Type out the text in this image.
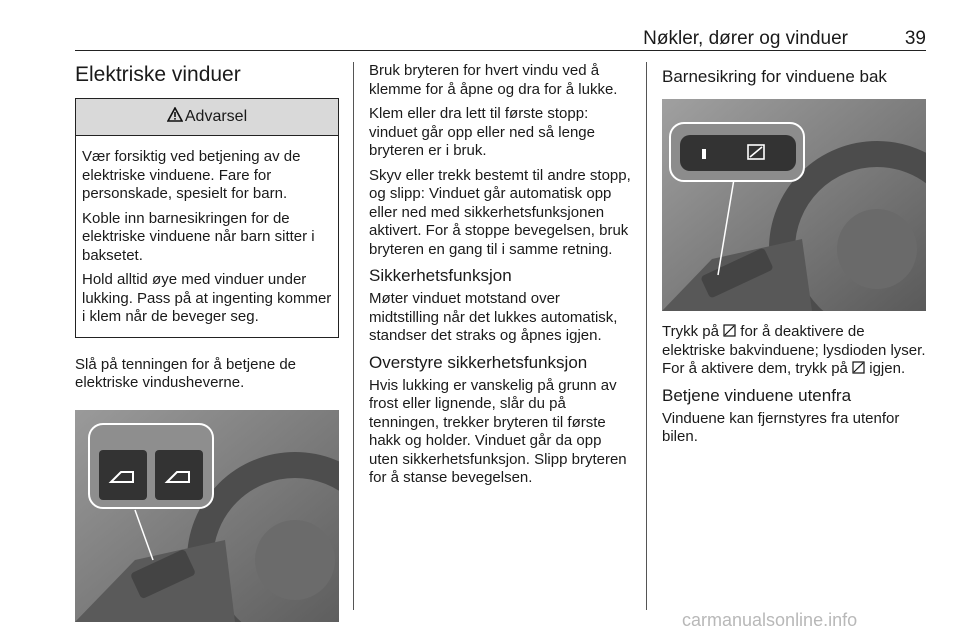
Nøkler, dører og vinduer	39
Elektriske vinduer
Advarsel

Vær forsiktig ved betjening av de elektriske vinduene. Fare for personskade, spesielt for barn.

Koble inn barnesikringen for de elektriske vinduene når barn sitter i baksetet.

Hold alltid øye med vinduer under lukking. Pass på at ingenting kommer i klem når de beveger seg.

Slå på tenningen for å betjene de elektriske vindusheverne.

Bruk bryteren for hvert vindu ved å klemme for å åpne og dra for å lukke.

Klem eller dra lett til første stopp: vinduet går opp eller ned så lenge bryteren er i bruk.

Skyv eller trekk bestemt til andre stopp, og slipp: Vinduet går automatisk opp eller ned med sikkerhetsfunksjonen aktivert. For å stoppe bevegelsen, bruk bryteren en gang til i samme retning.

Sikkerhetsfunksjon

Møter vinduet motstand over midtstilling når det lukkes automatisk, standser det straks og åpnes igjen.

Overstyre sikkerhetsfunksjon

Hvis lukking er vanskelig på grunn av frost eller lignende, slår du på tenningen, trekker bryteren til første hakk og holder. Vinduet går da opp uten sikkerhetsfunksjon. Slipp bryteren for å stanse bevegelsen.

Barnesikring for vinduene bak

Trykk på for å deaktivere de elektriske bakvinduene; lysdioden lyser. For å aktivere dem, trykk på igjen.

Betjene vinduene utenfra

Vinduene kan fjernstyres fra utenfor bilen.

carmanualsonline.info
